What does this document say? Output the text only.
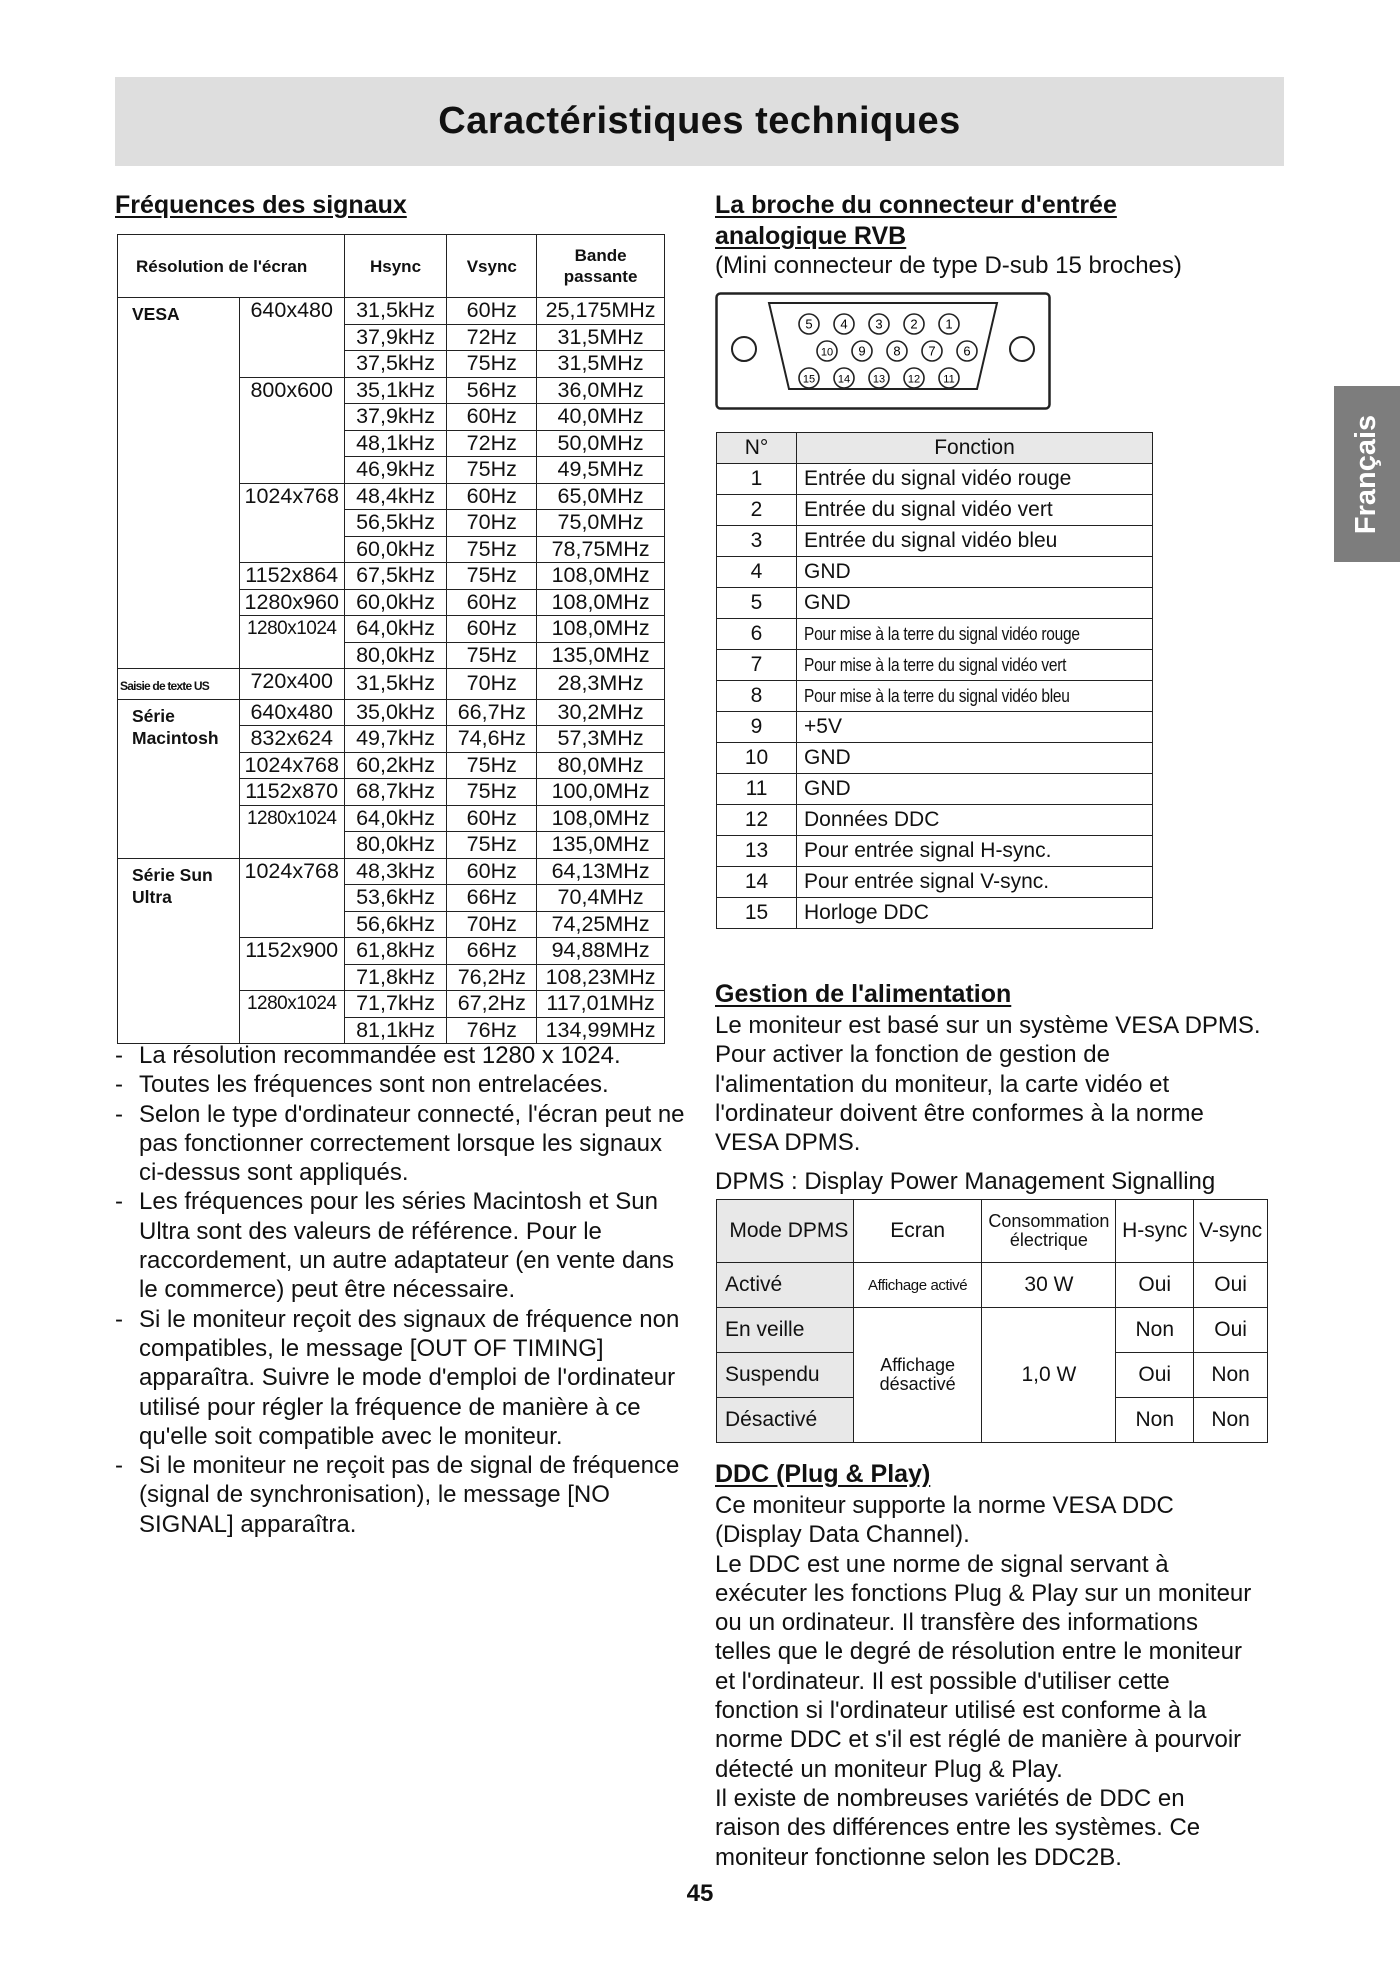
Caractéristiques techniques
Français
Fréquences des signaux
Résolution de l'écran		Hsync	Vsync	Bande
passante
VESA	640x480	31,5kHz	60Hz	25,175MHz
		37,9kHz	72Hz	31,5MHz
		37,5kHz	75Hz	31,5MHz
	800x600	35,1kHz	56Hz	36,0MHz
		37,9kHz	60Hz	40,0MHz
		48,1kHz	72Hz	50,0MHz
		46,9kHz	75Hz	49,5MHz
	1024x768	48,4kHz	60Hz	65,0MHz
		56,5kHz	70Hz	75,0MHz
		60,0kHz	75Hz	78,75MHz
	1152x864	67,5kHz	75Hz	108,0MHz
	1280x960	60,0kHz	60Hz	108,0MHz
	1280x1024	64,0kHz	60Hz	108,0MHz
		80,0kHz	75Hz	135,0MHz
Saisie de texte US	720x400	31,5kHz	70Hz	28,3MHz
Série
Macintosh	640x480	35,0kHz	66,7Hz	30,2MHz
	832x624	49,7kHz	74,6Hz	57,3MHz
	1024x768	60,2kHz	75Hz	80,0MHz
	1152x870	68,7kHz	75Hz	100,0MHz
	1280x1024	64,0kHz	60Hz	108,0MHz
		80,0kHz	75Hz	135,0MHz
Série Sun
Ultra	1024x768	48,3kHz	60Hz	64,13MHz
		53,6kHz	66Hz	70,4MHz
		56,6kHz	70Hz	74,25MHz
	1152x900	61,8kHz	66Hz	94,88MHz
		71,8kHz	76,2Hz	108,23MHz
	1280x1024	71,7kHz	67,2Hz	117,01MHz
		81,1kHz	76Hz	134,99MHz
- La résolution recommandée est 1280 x 1024.
- Toutes les fréquences sont non entrelacées.
- Selon le type d'ordinateur connecté, l'écran peut ne pas fonctionner correctement lorsque les signaux ci-dessus sont appliqués.
- Les fréquences pour les séries Macintosh et Sun Ultra sont des valeurs de référence. Pour le raccordement, un autre adaptateur (en vente dans le commerce) peut être nécessaire.
- Si le moniteur reçoit des signaux de fréquence non compatibles, le message [OUT OF TIMING] apparaîtra. Suivre le mode d'emploi de l'ordinateur utilisé pour régler la fréquence de manière à ce qu'elle soit compatible avec le moniteur.
- Si le moniteur ne reçoit pas de signal de fréquence (signal de synchronisation), le message [NO SIGNAL] apparaîtra.
La broche du connecteur d'entrée
analogique RVB

(Mini connecteur de type D-sub 15 broches)

5 4 3 2 1
10 9 8 7 6
15 14 13 12 11
N°	Fonction
1	Entrée du signal vidéo rouge
2	Entrée du signal vidéo vert
3	Entrée du signal vidéo bleu
4	GND
5	GND
6	Pour mise à la terre du signal vidéo rouge
7	Pour mise à la terre du signal vidéo vert
8	Pour mise à la terre du signal vidéo bleu
9	+5V
10	GND
11	GND
12	Données DDC
13	Pour entrée signal H-sync.
14	Pour entrée signal V-sync.
15	Horloge DDC
Gestion de l'alimentation
Le moniteur est basé sur un système VESA DPMS.
Pour activer la fonction de gestion de
l'alimentation du moniteur, la carte vidéo et
l'ordinateur doivent être conformes à la norme
VESA DPMS.

DPMS : Display Power Management Signalling

Mode DPMS	Ecran	Consommation
électrique	H-sync	V-sync
Activé	Affichage activé	30 W	Oui	Oui
En veille	Affichage
désactivé	1,0 W	Non	Oui
Suspendu			Oui	Non
Désactivé			Non	Non
DDC (Plug & Play)
Ce moniteur supporte la norme VESA DDC
(Display Data Channel).
Le DDC est une norme de signal servant à
exécuter les fonctions Plug & Play sur un moniteur
ou un ordinateur. Il transfère des informations
telles que le degré de résolution entre le moniteur
et l'ordinateur. Il est possible d'utiliser cette
fonction si l'ordinateur utilisé est conforme à la
norme DDC et s'il est réglé de manière à pourvoir
détecté un moniteur Plug & Play.
Il existe de nombreuses variétés de DDC en
raison des différences entre les systèmes. Ce
moniteur fonctionne selon les DDC2B.
45
